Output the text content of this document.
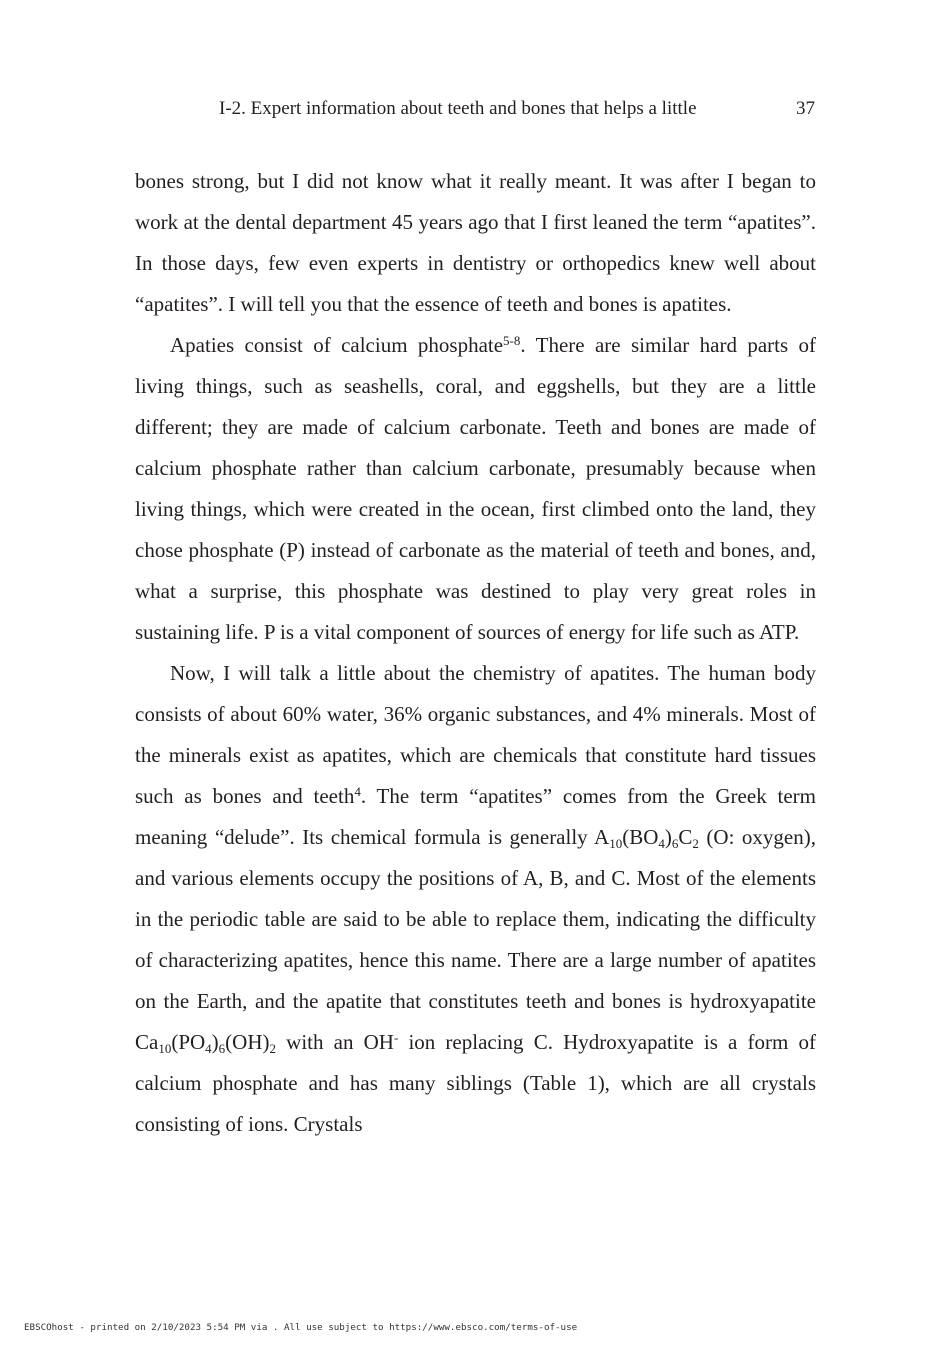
I-2. Expert information about teeth and bones that helps a little	37

bones strong, but I did not know what it really meant. It was after I began to work at the dental department 45 years ago that I first leaned the term “apatites”. In those days, few even experts in dentistry or orthopedics knew well about “apatites”. I will tell you that the essence of teeth and bones is apatites.

Apaties consist of calcium phosphate$^{5-8}$. There are similar hard parts of living things, such as seashells, coral, and eggshells, but they are a little different; they are made of calcium carbonate. Teeth and bones are made of calcium phosphate rather than calcium carbonate, presumably because when living things, which were created in the ocean, first climbed onto the land, they chose phosphate (P) instead of carbonate as the material of teeth and bones, and, what a surprise, this phosphate was destined to play very great roles in sustaining life. P is a vital component of sources of energy for life such as ATP.

Now, I will talk a little about the chemistry of apatites. The human body consists of about 60% water, 36% organic substances, and 4% minerals. Most of the minerals exist as apatites, which are chemicals that constitute hard tissues such as bones and teeth$^4$. The term “apatites” comes from the Greek term meaning “delude”. Its chemical formula is generally $A_{10}(BO_4)_6C_2$ (O: oxygen), and various elements occupy the positions of A, B, and C. Most of the elements in the periodic table are said to be able to replace them, indicating the difficulty of characterizing apatites, hence this name. There are a large number of apatites on the Earth, and the apatite that constitutes teeth and bones is hydroxyapatite $Ca_{10}(PO_4)_6(OH)_2$ with an OH- ion replacing C. Hydroxyapatite is a form of calcium phosphate and has many siblings (Table 1), which are all crystals consisting of ions. Crystals

EBSCOhost - printed on 2/10/2023 5:54 PM via . All use subject to https://www.ebsco.com/terms-of-use
